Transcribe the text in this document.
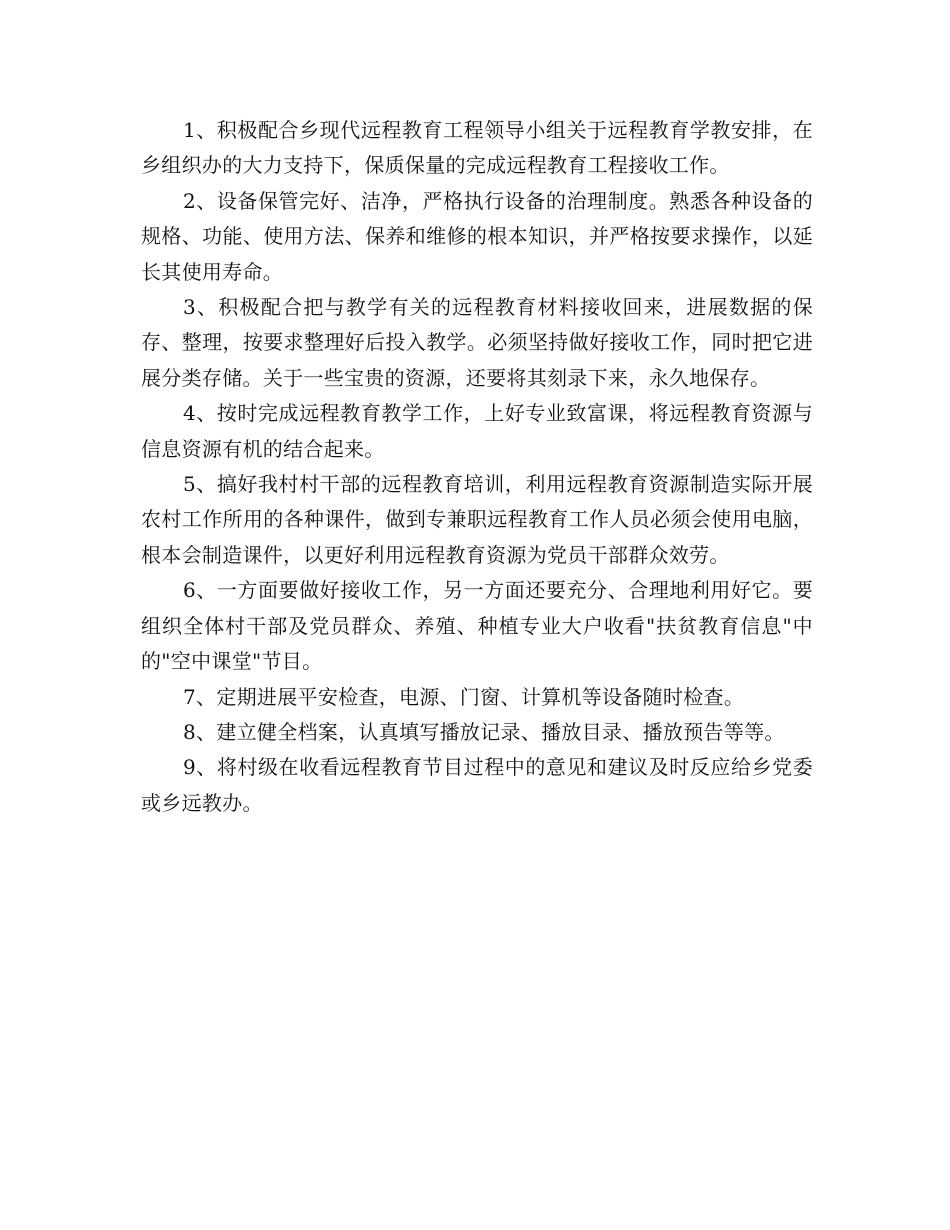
1、积极配合乡现代远程教育工程领导小组关于远程教育学教安排，在乡组织办的大力支持下，保质保量的完成远程教育工程接收工作。

2、设备保管完好、洁净，严格执行设备的治理制度。熟悉各种设备的规格、功能、使用方法、保养和维修的根本知识，并严格按要求操作，以延长其使用寿命。

3、积极配合把与教学有关的远程教育材料接收回来，进展数据的保存、整理，按要求整理好后投入教学。必须坚持做好接收工作，同时把它进展分类存储。关于一些宝贵的资源，还要将其刻录下来，永久地保存。

4、按时完成远程教育教学工作，上好专业致富课，将远程教育资源与信息资源有机的结合起来。

5、搞好我村村干部的远程教育培训，利用远程教育资源制造实际开展农村工作所用的各种课件，做到专兼职远程教育工作人员必须会使用电脑，根本会制造课件，以更好利用远程教育资源为党员干部群众效劳。

6、一方面要做好接收工作，另一方面还要充分、合理地利用好它。要组织全体村干部及党员群众、养殖、种植专业大户收看"扶贫教育信息"中的"空中课堂"节目。

7、定期进展平安检查，电源、门窗、计算机等设备随时检查。

8、建立健全档案，认真填写播放记录、播放目录、播放预告等等。

9、将村级在收看远程教育节目过程中的意见和建议及时反应给乡党委或乡远教办。
